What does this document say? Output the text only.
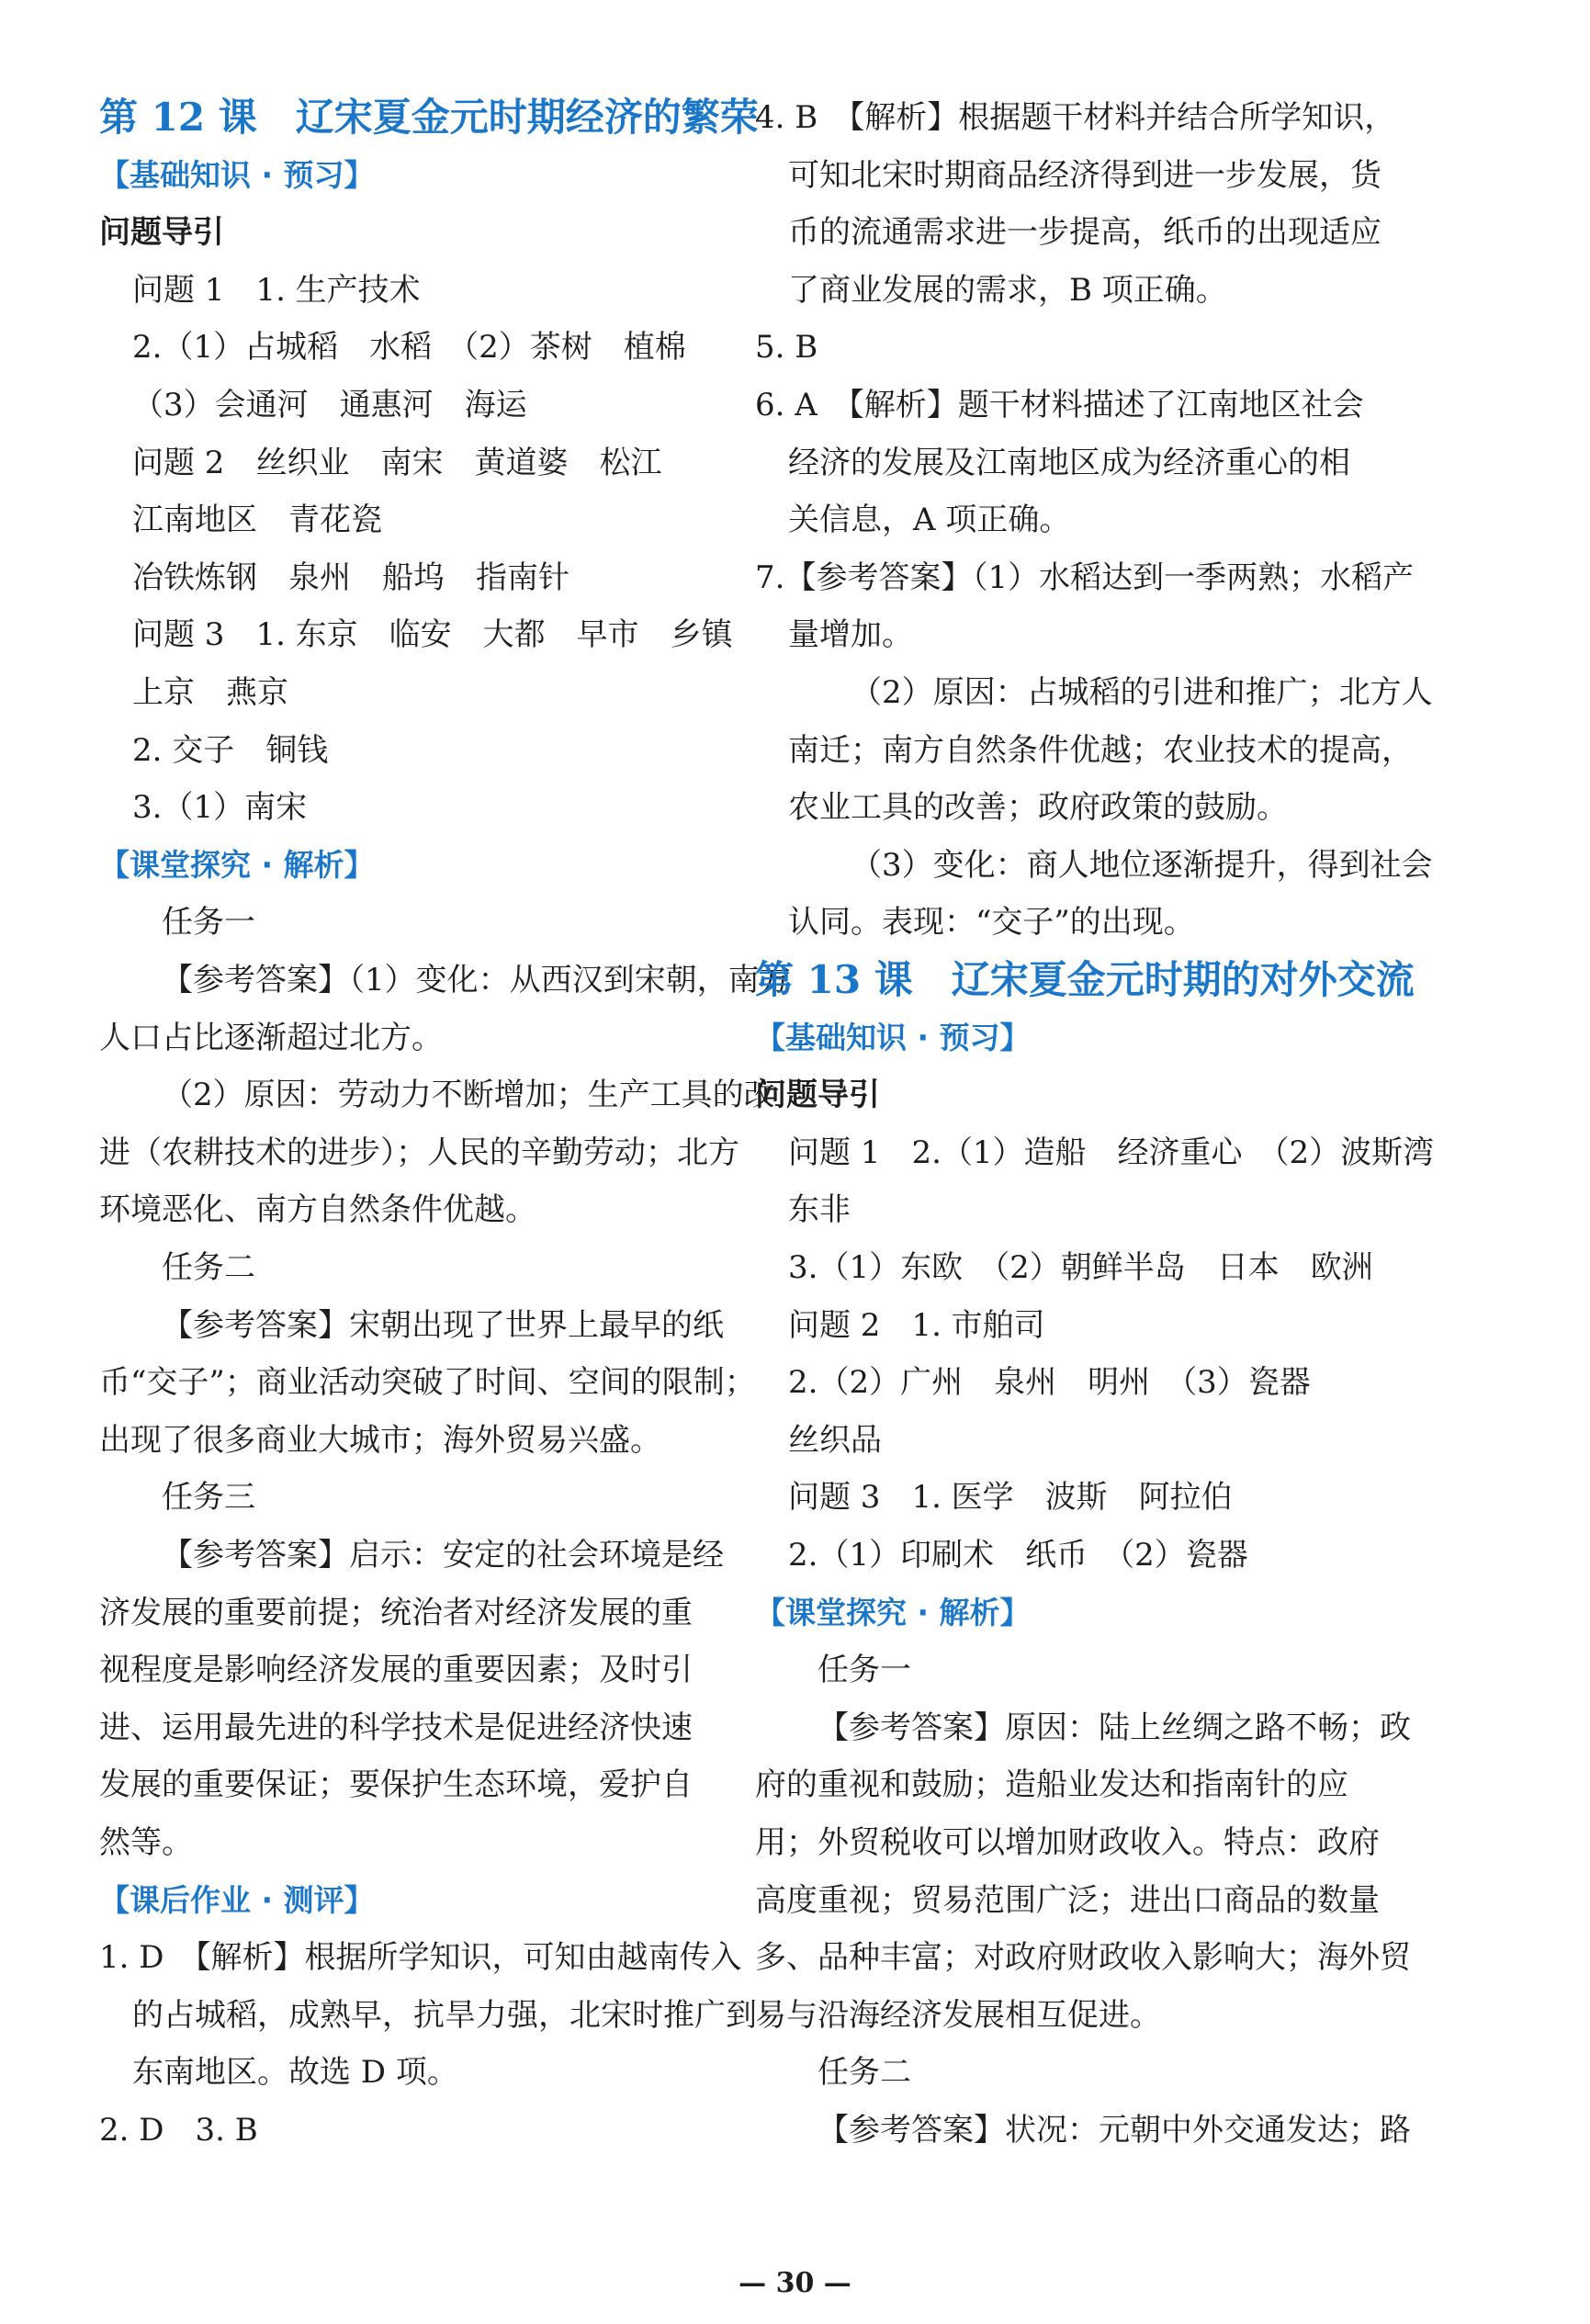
第 12 课　辽宋夏金元时期经济的繁荣
【基础知识 · 预习】
问题导引
问题 1　1. 生产技术
2.（1）占城稻　水稻　（2）茶树　植棉
（3）会通河　通惠河　海运
问题 2　丝织业　南宋　黄道婆　松江
江南地区　青花瓷
冶铁炼钢　泉州　船坞　指南针
问题 3　1. 东京　临安　大都　早市　乡镇
上京　燕京
2. 交子　铜钱
3.（1）南宋
【课堂探究 · 解析】
任务一
【参考答案】（1）变化：从西汉到宋朝，南方
人口占比逐渐超过北方。
（2）原因：劳动力不断增加；生产工具的改
进（农耕技术的进步）；人民的辛勤劳动；北方
环境恶化、南方自然条件优越。
任务二
【参考答案】宋朝出现了世界上最早的纸
币“交子”；商业活动突破了时间、空间的限制；
出现了很多商业大城市；海外贸易兴盛。
任务三
【参考答案】启示：安定的社会环境是经
济发展的重要前提；统治者对经济发展的重
视程度是影响经济发展的重要因素；及时引
进、运用最先进的科学技术是促进经济快速
发展的重要保证；要保护生态环境，爱护自
然等。
【课后作业 · 测评】
1. D　【解析】根据所学知识，可知由越南传入
的占城稻，成熟早，抗旱力强，北宋时推广到
东南地区。故选 D 项。
2. D　3. B
4. B　【解析】根据题干材料并结合所学知识，
可知北宋时期商品经济得到进一步发展，货
币的流通需求进一步提高，纸币的出现适应
了商业发展的需求，B 项正确。
5. B
6. A　【解析】题干材料描述了江南地区社会
经济的发展及江南地区成为经济重心的相
关信息，A 项正确。
7.【参考答案】（1）水稻达到一季两熟；水稻产
量增加。
（2）原因：占城稻的引进和推广；北方人
南迁；南方自然条件优越；农业技术的提高，
农业工具的改善；政府政策的鼓励。
（3）变化：商人地位逐渐提升，得到社会
认同。表现：“交子”的出现。
第 13 课　辽宋夏金元时期的对外交流
【基础知识 · 预习】
问题导引
问题 1　2.（1）造船　经济重心　（2）波斯湾
东非
3.（1）东欧　（2）朝鲜半岛　日本　欧洲
问题 2　1. 市舶司
2.（2）广州　泉州　明州　（3）瓷器
丝织品
问题 3　1. 医学　波斯　阿拉伯
2.（1）印刷术　纸币　（2）瓷器
【课堂探究 · 解析】
任务一
【参考答案】原因：陆上丝绸之路不畅；政
府的重视和鼓励；造船业发达和指南针的应
用；外贸税收可以增加财政收入。特点：政府
高度重视；贸易范围广泛；进出口商品的数量
多、品种丰富；对政府财政收入影响大；海外贸
易与沿海经济发展相互促进。
任务二
【参考答案】状况：元朝中外交通发达；路
— 30 —
